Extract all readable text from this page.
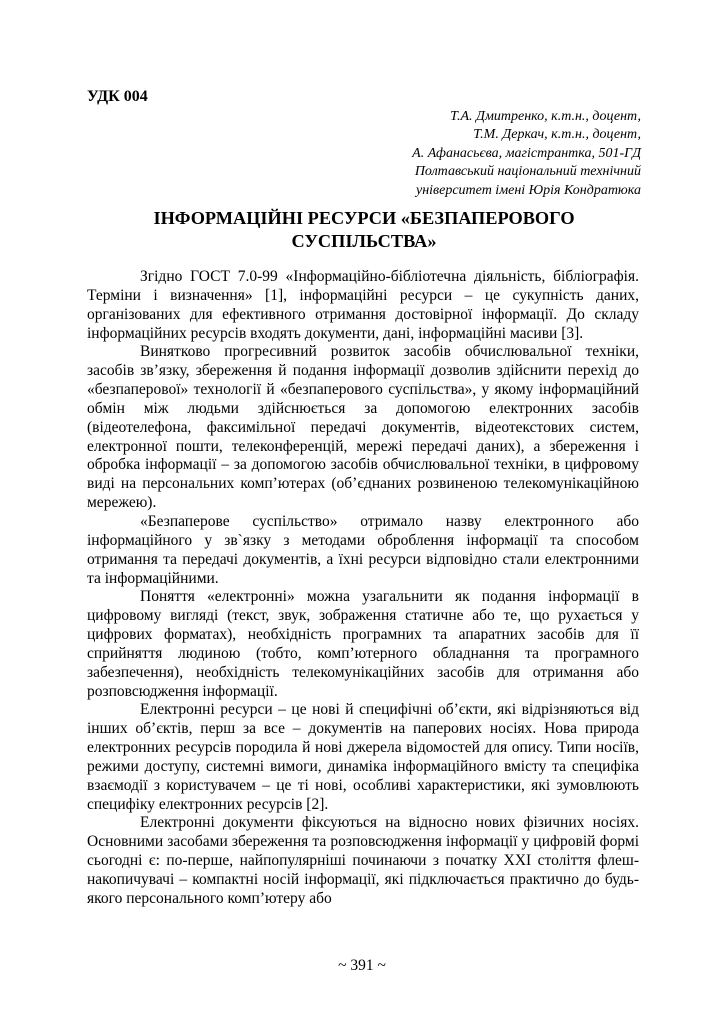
УДК 004
Т.А. Дмитренко, к.т.н., доцент,
Т.М. Деркач, к.т.н., доцент,
А. Афанасьєва, магістрантка, 501-ГД
Полтавський національний технічний
університет імені Юрія Кондратюка
ІНФОРМАЦІЙНІ РЕСУРСИ «БЕЗПАПЕРОВОГО
СУСПІЛЬСТВА»

Згідно ГОСТ 7.0-99 «Інформаційно-бібліотечна діяльність, бібліографія. Терміни і визначення» [1], інформаційні ресурси – це сукупність даних, організованих для ефективного отримання достовірної інформації. До складу інформаційних ресурсів входять документи, дані, інформаційні масиви [3].

Винятково прогресивний розвиток засобів обчислювальної техніки, засобів зв’язку, збереження й подання інформації дозволив здійснити перехід до «безпаперової» технології й «безпаперового суспільства», у якому інформаційний обмін між людьми здійснюється за допомогою електронних засобів (відеотелефона, факсимільної передачі документів, відеотекстових систем, електронної пошти, телеконференцій, мережі передачі даних), а збереження і обробка інформації – за допомогою засобів обчислювальної техніки, в цифровому виді на персональних комп’ютерах (об’єднаних розвиненою телекомунікаційною мережею).

«Безпаперове суспільство» отримало назву електронного або інформаційного у зв`язку з методами оброблення інформації та способом отримання та передачі документів, а їхні ресурси відповідно стали електронними та інформаційними.

Поняття «електронні» можна узагальнити як подання інформації в цифровому вигляді (текст, звук, зображення статичне або те, що рухається у цифрових форматах), необхідність програмних та апаратних засобів для її сприйняття людиною (тобто, комп’ютерного обладнання та програмного забезпечення), необхідність телекомунікаційних засобів для отримання або розповсюдження інформації.

Електронні ресурси – це нові й специфічні об’єкти, які відрізняються від інших об’єктів, перш за все – документів на паперових носіях. Нова природа електронних ресурсів породила й нові джерела відомостей для опису. Типи носіїв, режими доступу, системні вимоги, динаміка інформаційного вмісту та специфіка взаємодії з користувачем – це ті нові, особливі характеристики, які зумовлюють специфіку електронних ресурсів [2].

Електронні документи фіксуються на відносно нових фізичних носіях. Основними засобами збереження та розповсюдження інформації у цифровій формі сьогодні є: по-перше, найпопулярніші починаючи з початку XXI століття флеш-накопичувачі – компактні носій інформації, які підключається практично до будь-якого персонального комп’ютеру або

~ 391 ~
